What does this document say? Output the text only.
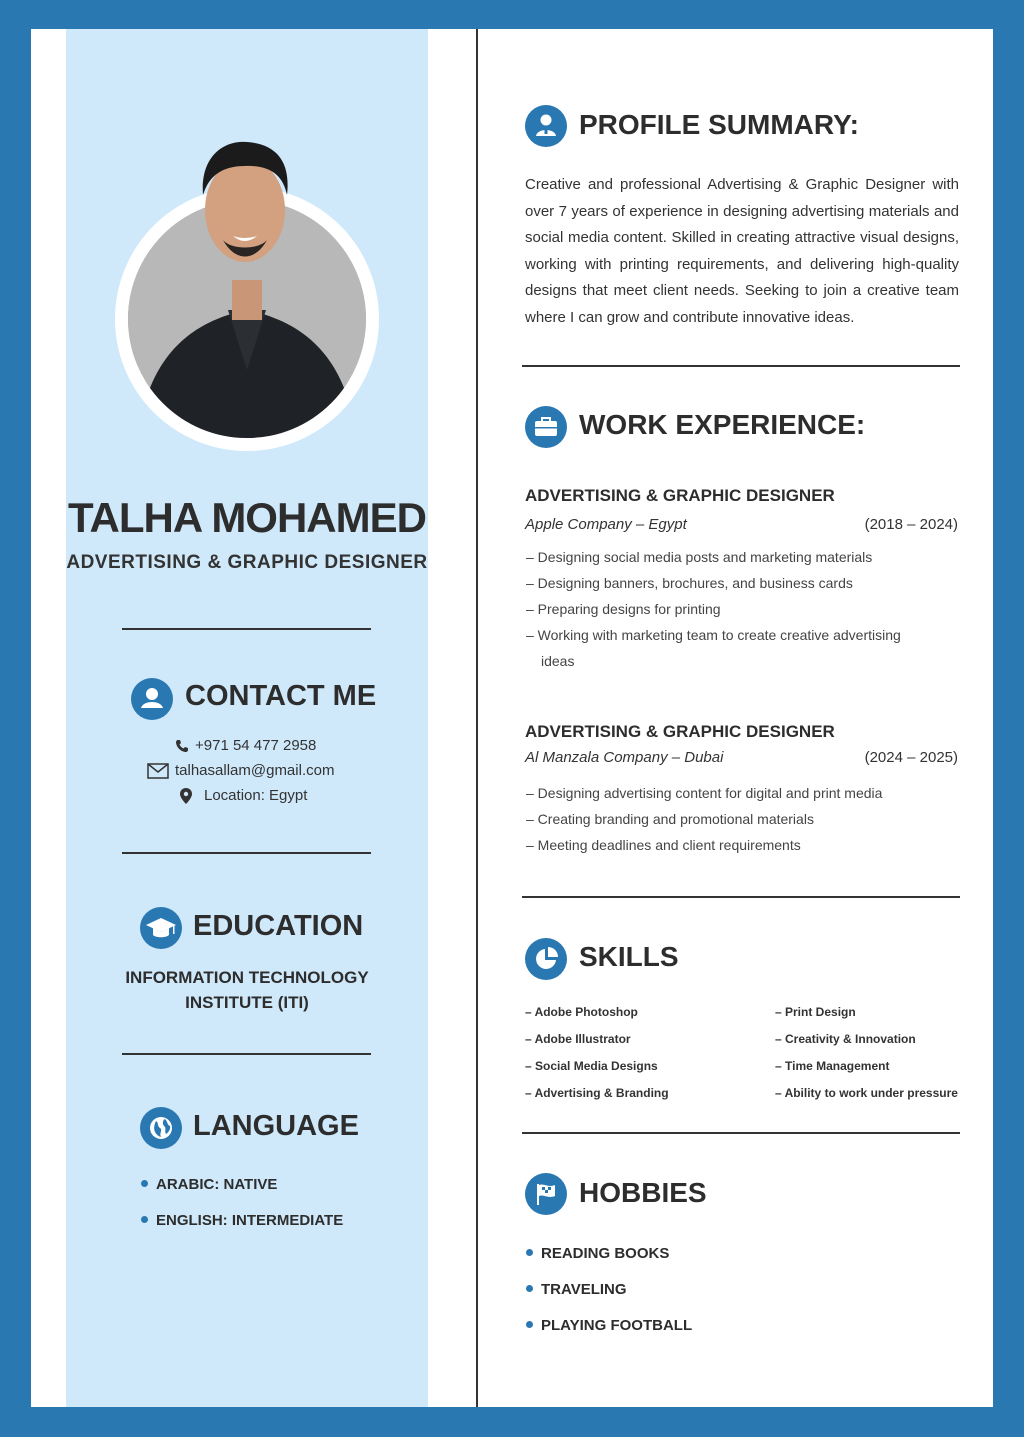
TALHA MOHAMED
ADVERTISING & GRAPHIC DESIGNER
CONTACT ME
+971 54 477 2958
talhasallam@gmail.com
Location: Egypt
EDUCATION
INFORMATION TECHNOLOGY
INSTITUTE (ITI)
LANGUAGE
ARABIC: NATIVE
ENGLISH: INTERMEDIATE
PROFILE SUMMARY:
Creative and professional Advertising & Graphic Designer with over 7 years of experience in designing advertising materials and social media content. Skilled in creating attractive visual designs, working with printing requirements, and delivering high-quality designs that meet client needs. Seeking to join a creative team where I can grow and contribute innovative ideas.
WORK EXPERIENCE:
ADVERTISING & GRAPHIC DESIGNER
Apple Company – Egypt	(2018 – 2024)
– Designing social media posts and marketing materials
– Designing banners, brochures, and business cards
– Preparing designs for printing
– Working with marketing team to create creative advertising
ideas
ADVERTISING & GRAPHIC DESIGNER
Al Manzala Company – Dubai	(2024 – 2025)
– Designing advertising content for digital and print media
– Creating branding and promotional materials
– Meeting deadlines and client requirements
SKILLS
– Adobe Photoshop
– Adobe Illustrator
– Social Media Designs
– Advertising & Branding
– Print Design
– Creativity & Innovation
– Time Management
– Ability to work under pressure
HOBBIES
READING BOOKS
TRAVELING
PLAYING FOOTBALL
